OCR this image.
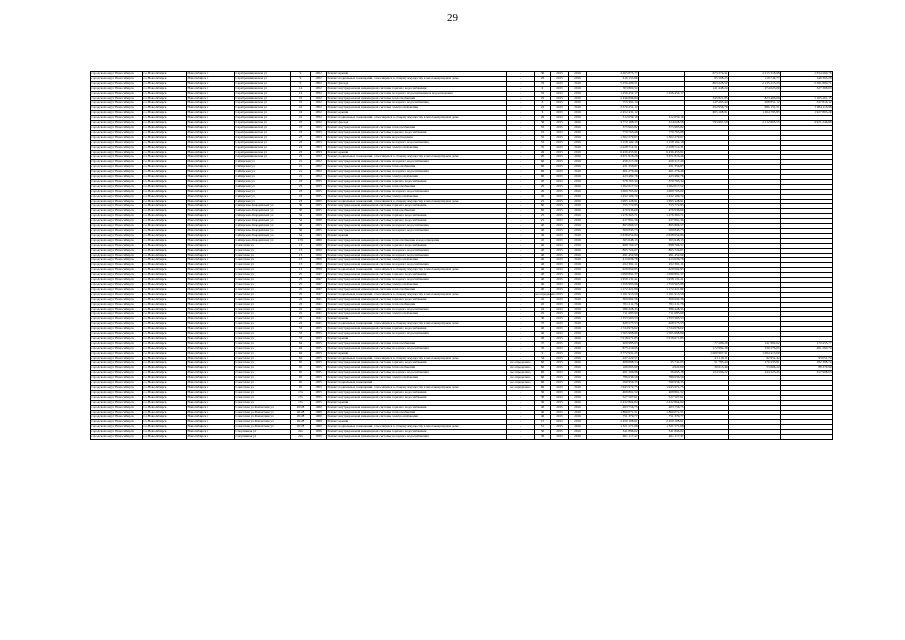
29
городской округ Новосибирск	г.о.Новосибирск	Новосибирск г	Серебренниковская ул	9	1952	Ремонт крыши	-	30	2015	2016	2 265 875,77		673 274,41	2 215 318,98	1 634 260,78
городской округ Новосибирск	г.о.Новосибирск	Новосибирск г	Серебренниковская ул	9	1952	Ремонт подвальных помещений, относящихся к общему имуществу в многоквартирном доме	-	26	2015	2016	216 153,86		65 508,25	119 742,77	149 365,28
городской округ Новосибирск	г.о.Новосибирск	Новосибирск г	Серебренниковская ул	9	1952	Ремонт фасада	-	70	2015	2016	5 256 400,51		893 228,52	2 135 215,23	2 581 800,71
городской округ Новосибирск	г.о.Новосибирск	Новосибирск г	Серебренниковская ул	14	1952	Ремонт внутридомовой инженерной системы горячего водоснабжения	-	6	2015	2016	703 800,52		141 448,24	274 623,69	327 308,63
городской округ Новосибирск	г.о.Новосибирск	Новосибирск г	Серебренниковская ул	14	1952	Ремонт внутридомовой инженерной системы холодного водоснабжения и водоотведения	-	55	2015	2016	1 256 452,17	1 256 452,17			
городской округ Новосибирск	г.о.Новосибирск	Новосибирск г	Серебренниковская ул	16	1952	Ремонт внутридомовой инженерной системы теплоснабжения	-	25	2015	2016	2 436 896,84		345 821,85	823 406,06	1 165 261,15
городской округ Новосибирск	г.о.Новосибирск	Новосибирск г	Серебренниковская ул	16	1952	Ремонт внутридомовой инженерной системы холодного водоснабжения	-	6	2015	2016	755 391,14		147 295,44	268 851,12	337 816,12
городской округ Новосибирск	г.о.Новосибирск	Новосибирск г	Серебренниковская ул	16	1952	Ремонт внутридомовой инженерной системы электроснабжения	-	25	2015	2016	2 370 251,12		452 956,70	686 151,51	1 084 116,98
городской округ Новосибирск	г.о.Новосибирск	Новосибирск г	Серебренниковская ул	16	1952	Ремонт крыши	-	6	2015	2016	2 452 431,12		605 168,91	1 264 795,83	1 927 865,29
городской округ Новосибирск	г.о.Новосибирск	Новосибирск г	Серебренниковская ул	16	1952	Ремонт подвальных помещений, относящихся к общему имуществу в многоквартирном доме	-	26	2015	2016	312 659,16	312 659,16			
городской округ Новосибирск	г.о.Новосибирск	Новосибирск г	Серебренниковская ул	16	1952	Ремонт фасада	-	30	2015	2016	3 772 168,37	124 028,56	793 967,59	2 112 865,53	4 921 246,89
городской округ Новосибирск	г.о.Новосибирск	Новосибирск г	Серебренниковская ул	23	1953	Ремонт внутридомовой инженерной системы теплоснабжения	-	55	2015	2016	375 965,82	375 965,82			
городской округ Новосибирск	г.о.Новосибирск	Новосибирск г	Серебренниковская ул	23	1953	Ремонт внутридомовой инженерной системы горячего водоснабжения	-	55	2015	2016	779 765,68	779 765,68			
городской округ Новосибирск	г.о.Новосибирск	Новосибирск г	Серебренниковская ул	23	1953	Ремонт внутридомовой инженерной системы водоотведения	-	55	2015	2016	1 362 279,67	1 362 279,67			
городской округ Новосибирск	г.о.Новосибирск	Новосибирск г	Серебренниковская ул	23	1953	Ремонт внутридомовой инженерной системы холодного водоснабжения	-	55	2015	2016	1 158 162,18	1 158 162,18			
городской округ Новосибирск	г.о.Новосибирск	Новосибирск г	Серебренниковская ул	23	1953	Ремонт внутридомовой инженерной системы электроснабжения	-	55	2015	2016	2 228 712,31	2 228 712,31			
городской округ Новосибирск	г.о.Новосибирск	Новосибирск г	Серебренниковская ул	23	1953	Ремонт крыши	-	49	2015	2016	6 436 455,91	6 436 455,91			
городской округ Новосибирск	г.о.Новосибирск	Новосибирск г	Серебренниковская ул	23	1953	Ремонт подвальных помещений, относящихся к общему имуществу в многоквартирном доме	-	20	2015	2016	3 671 816,29	3 671 816,29			
городской округ Новосибирск	г.о.Новосибирск	Новосибирск г	Сибирская ул	21	1952	Ремонт внутридомовой инженерной системы холодного водоснабжения	-	60	2015	2016	456 217,26	456 217,26			
городской округ Новосибирск	г.о.Новосибирск	Новосибирск г	Сибирская ул	21	1952	Ремонт внутридомовой инженерной системы теплоснабжения	-	60	2015	2016	431 356,87	431 356,87			
городской округ Новосибирск	г.о.Новосибирск	Новосибирск г	Сибирская ул	21	1952	Ремонт внутридомовой инженерной системы холодного водоснабжения	-	60	2015	2016	461 276,49	461 276,49			
городской округ Новосибирск	г.о.Новосибирск	Новосибирск г	Сибирская ул	21	1952	Ремонт внутридомовой инженерной системы электроснабжения	-	60	2015	2016	423 482,76	423 482,76			
городской округ Новосибирск	г.о.Новосибирск	Новосибирск г	Сибирская ул	23	1955	Ремонт внутридомовой инженерной системы горячего водоснабжения	-	20	2015	2016	379 765,34	379 765,34			
городской округ Новосибирск	г.о.Новосибирск	Новосибирск г	Сибирская ул	23	1955	Ремонт внутридомовой инженерной системы теплоснабжения	-	20	2015	2016	1 262 617,52	1 262 617,52			
городской округ Новосибирск	г.о.Новосибирск	Новосибирск г	Сибирская ул	23	1955	Ремонт внутридомовой инженерной системы холодного водоснабжения	-	20	2015	2016	1 069 765,62	1 069 765,62			
городской округ Новосибирск	г.о.Новосибирск	Новосибирск г	Сибирская ул	23	1955	Ремонт внутридомовой инженерной системы электроснабжения	-	20	2015	2016	1 452 169,70	1 452 169,70			
городской округ Новосибирск	г.о.Новосибирск	Новосибирск г	Сибирская ул	23	1955	Ремонт подвальных помещений, относящихся к общему имуществу в многоквартирном доме	-	25	2015	2016	1 995 128,91	1 995 128,91			
городской округ Новосибирск	г.о.Новосибирск	Новосибирск г	Сибирская-Гвардейских ул	30	1955	Ремонт внутридомовой инженерной системы горячего водоснабжения	-	60	2015	2016	755 772,85	755 772,85			
городской округ Новосибирск	г.о.Новосибирск	Новосибирск г	Сибирская-Гвардейских ул	30	1955	Ремонт внутридомовой инженерной системы теплоснабжения	-	60	2015	2016	476 936,66	476 936,66			
городской округ Новосибирск	г.о.Новосибирск	Новосибирск г	Сибирская-Гвардейских ул	34	1958	Ремонт внутридомовой инженерной системы горячего водоснабжения	-	25	2015	2016	1 276 363,71	1 276 363,71			
городской округ Новосибирск	г.о.Новосибирск	Новосибирск г	Сибирская-Гвардейских ул	34	1958	Ремонт внутридомовой инженерной системы горячего водоснабжения	-	25	2015	2016	437 891,36	437 891,36			
городской округ Новосибирск	г.о.Новосибирск	Новосибирск г	Сибирская-Гвардейских ул	36	1955	Ремонт внутридомовой инженерной системы холодного водоснабжения	-	40	2015	2016	865 866,57	865 866,57			
городской округ Новосибирск	г.о.Новосибирск	Новосибирск г	Сибирская-Гвардейских ул	36	1955	Ремонт внутридомовой инженерной системы холодного водоснабжения	-	40	2015	2016	569 843,73	569 843,73			
городской округ Новосибирск	г.о.Новосибирск	Новосибирск г	Сибирская-Гвардейских ул	54	1955	Ремонт крыши	-	30	2015	2016	2 638 654,84	2 638 654,84			
городской округ Новосибирск	г.о.Новосибирск	Новосибирск г	Сибирская-Гвардейских ул	159	1966	Ремонт внутридомовой инженерной системы теплоснабжения и водоотведения	-	45	2015	2016	365 648,15	365 648,15			
городской округ Новосибирск	г.о.Новосибирск	Новосибирск г	Советская ул	13	1950	Ремонт внутридомовой инженерной системы горячего водоснабжения	-	40	2015	2016	698 764,57	698 764,57			
городской округ Новосибирск	г.о.Новосибирск	Новосибирск г	Советская ул	13	1950	Ремонт внутридомовой инженерной системы холодного водоснабжения	-	40	2015	2016	865 724,67	865 724,67			
городской округ Новосибирск	г.о.Новосибирск	Новосибирск г	Советская ул	13	1950	Ремонт внутридомовой инженерной системы холодного водоснабжения	-	40	2015	2016	491 452,99	491 452,99			
городской округ Новосибирск	г.о.Новосибирск	Новосибирск г	Советская ул	13	1950	Ремонт внутридомовой инженерной системы электроснабжения	-	40	2015	2016	413 626,78	413 626,78			
городской округ Новосибирск	г.о.Новосибирск	Новосибирск г	Советская ул	13	1950	Ремонт внутридомовой инженерной системы холодного водоснабжения	-	46	2015	2016	452 361,11	452 361,11			
городской округ Новосибирск	г.о.Новосибирск	Новосибирск г	Советская ул	13	1950	Ремонт подвальных помещений, относящихся к общему имуществу в многоквартирном доме	-	46	2015	2016	629 664,85	629 664,85			
городской округ Новосибирск	г.о.Новосибирск	Новосибирск г	Советская ул	25	1947	Ремонт внутридомовой инженерной системы горячего водоснабжения	-	40	2015	2016	1 099 891,37	1 099 891,37			
городской округ Новосибирск	г.о.Новосибирск	Новосибирск г	Советская ул	25	1947	Ремонт внутридомовой инженерной системы холодного водоснабжения	-	40	2015	2016	1 958 131,41	1 958 131,41			
городской округ Новосибирск	г.о.Новосибирск	Новосибирск г	Советская ул	25	1947	Ремонт внутридомовой инженерной системы электроснабжения	-	40	2015	2016	1 359 965,86	1 359 965,86			
городской округ Новосибирск	г.о.Новосибирск	Новосибирск г	Советская ул	25	1947	Ремонт внутридомовой инженерной системы теплоснабжения	-	40	2015	2016	1 172 421,86	1 172 421,86			
городской округ Новосибирск	г.о.Новосибирск	Новосибирск г	Советская ул	25	1947	Ремонт подвальных помещений, относящихся к общему имуществу в многоквартирном доме	-	не определено	2015	2016	1 161 913,59	1 161 913,59			
городской округ Новосибирск	г.о.Новосибирск	Новосибирск г	Советская ул	22	1941	Ремонт внутридомовой инженерной системы горячего водоснабжения	-	45	2015	2016	306 692,36	306 692,36			
городской округ Новосибирск	г.о.Новосибирск	Новосибирск г	Советская ул	22	1941	Ремонт внутридомовой инженерной системы теплоснабжения	-	45	2015	2016	701 211,76	701 211,76			
городской округ Новосибирск	г.о.Новосибирск	Новосибирск г	Советская ул	22	1941	Ремонт внутридомовой инженерной системы холодного водоснабжения	-	45	2015	2016	386 428,35	386 428,35			
городской округ Новосибирск	г.о.Новосибирск	Новосибирск г	Советская ул	22	1941	Ремонт внутридомовой инженерной системы электроснабжения	-	45	2015	2016	711 683,99	711 683,99			
городской округ Новосибирск	г.о.Новосибирск	Новосибирск г	Советская ул	22	1941	Ремонт крыши	-	30	2015	2016	1 353 563,53	1 353 563,53			
городской округ Новосибирск	г.о.Новосибирск	Новосибирск г	Советская ул	22	1941	Ремонт подвальных помещений, относящихся к общему имуществу в многоквартирном доме	-	37	2015	2016	628 575,53	628 575,53			
городской округ Новосибирск	г.о.Новосибирск	Новосибирск г	Советская ул	53	1955	Ремонт внутридомовой инженерной системы горячего водоснабжения	-	40	2015	2016	1 724 976,62	1 724 976,62			
городской округ Новосибирск	г.о.Новосибирск	Новосибирск г	Советская ул	53	1955	Ремонт внутридомовой инженерной системы холодного водоснабжения	-	40	2015	2016	1 565 968,86	1 565 968,86			
городской округ Новосибирск	г.о.Новосибирск	Новосибирск г	Советская ул	53	1955	Ремонт крыши	-	40	2015	2016	7 018 671,85	7 018 671,85			
городской округ Новосибирск	г.о.Новосибирск	Новосибирск г	Советская ул	64	1955	Ремонт внутридомовой инженерной системы теплоснабжения	-	37	2015	2016	409 985,63		77 286,29	141 982,62	170 455,77
городской округ Новосибирск	г.о.Новосибирск	Новосибирск г	Советская ул	64	1955	Ремонт внутридомовой инженерной системы холодного водоснабжения	-	35	2015	2016	875 219,65		172 682,28	330 276,63	481 260,74
городской округ Новосибирск	г.о.Новосибирск	Новосибирск г	Советская ул	64	1955	Ремонт крыши	-	0	2015	2016	3 772 931,25		1 060 967,31	1 094 413,00	
городской округ Новосибирск	г.о.Новосибирск	Новосибирск г	Советская ул	64	1955	Ремонт подвальных помещений, относящихся к общему имуществу в многоквартирном доме	-	34	2015	2016	227 222,57		41 119,11	92 951,42	93 051,74
городской округ Новосибирск	г.о.Новосибирск	Новосибирск г	Советская ул	65	1955	Ремонт внутридомовой инженерной системы горячего водоснабжения	не определено	60	2015	2016	468 688,53	25 741,03	51 785,44	176 433,81	182 368,74
городской округ Новосибирск	г.о.Новосибирск	Новосибирск г	Советская ул	65	1955	Ремонт внутридомовой инженерной системы теплоснабжения	не определено	60	2015	2016	166 003,00	4 922,60	20 613,46	53 666,24	88 379,99
городской округ Новосибирск	г.о.Новосибирск	Новосибирск г	Советская ул	65	1955	Ремонт внутридомовой инженерной системы холодного водоснабжения	не определено	60	2015	2016	491 506,98	56 695,18	124 596,22	244 223,45	257 998,03
городской округ Новосибирск	г.о.Новосибирск	Новосибирск г	Советская ул	65	1955	Ремонт внутридомовой инженерной системы электроснабжения	не определено	60	2015	2016	786 636,59	786 636,59			
городской округ Новосибирск	г.о.Новосибирск	Новосибирск г	Советская ул	65	1955	Ремонт подвальных помещений	не определено	60	2015	2016	590 956,35	590 956,35			
городской округ Новосибирск	г.о.Новосибирск	Новосибирск г	Советская ул	65	1955	Ремонт подвальных помещений, относящихся к общему имуществу в многоквартирном доме	не определено	60	2015	2016	1 945 972,75	1 945 972,75			
городской округ Новосибирск	г.о.Новосибирск	Новосибирск г	Советская ул	17a	1955	Ремонт внутридомовой инженерной системы горячего водоснабжения	-	30	2015	2016	468 861,52	468 861,52			
городской округ Новосибирск	г.о.Новосибирск	Новосибирск г	Советская ул	17a	1955	Ремонт внутридомовой инженерной системы горячего водоснабжения	-	30	2015	2016	527 507,61	527 507,61			
городской округ Новосибирск	г.о.Новосибирск	Новосибирск г	Советская ул	17a	1955	Ремонт крыши	-	30	2015	2016	2 432 864,84	2 432 864,84			
городской округ Новосибирск	г.о.Новосибирск	Новосибирск г	Советская ул.Ремонтная ул	26/28	1960	Ремонт внутридомовой инженерной системы горячего водоснабжения	-	40	2015	2016	463 756,75	463 756,75			
городской округ Новосибирск	г.о.Новосибирск	Новосибирск г	Советская ул.Ремонтная ул	26/28	1960	Ремонт внутридомовой инженерной системы теплоснабжения	-	40	2015	2016	1 860 071,51	1 860 071,51			
городской округ Новосибирск	г.о.Новосибирск	Новосибирск г	Советская ул.Ремонтная ул	26/28	1960	Ремонт внутридомовой инженерной системы электроснабжения	-	40	2015	2016	751 379,77	751 379,77			
городской округ Новосибирск	г.о.Новосибирск	Новосибирск г	Советская ул.Ремонтная ул	26/28	1960	Ремонт крыши	-	15	2015	2016	2 450 108,61	2 450 108,61			
городской округ Новосибирск	г.о.Новосибирск	Новосибирск г	Советская ул.Ремонтная ул	26/28	1960	Ремонт подвальных помещений, относящихся к общему имуществу в многоквартирном доме	-	51	2015	2016	1 321 571,68	1 321 571,68			
городской округ Новосибирск	г.о.Новосибирск	Новосибирск г	Спортивная ул	22a	1959	Ремонт внутридомовой инженерной системы горячего водоснабжения	-	30	2015	2016	341 896,02	341 896,02			
городской округ Новосибирск	г.о.Новосибирск	Новосибирск г	Спортивная ул	22a	1959	Ремонт внутридомовой инженерной системы холодного водоснабжения	-	30	2015	2016	401 117,47	401 117,47			
